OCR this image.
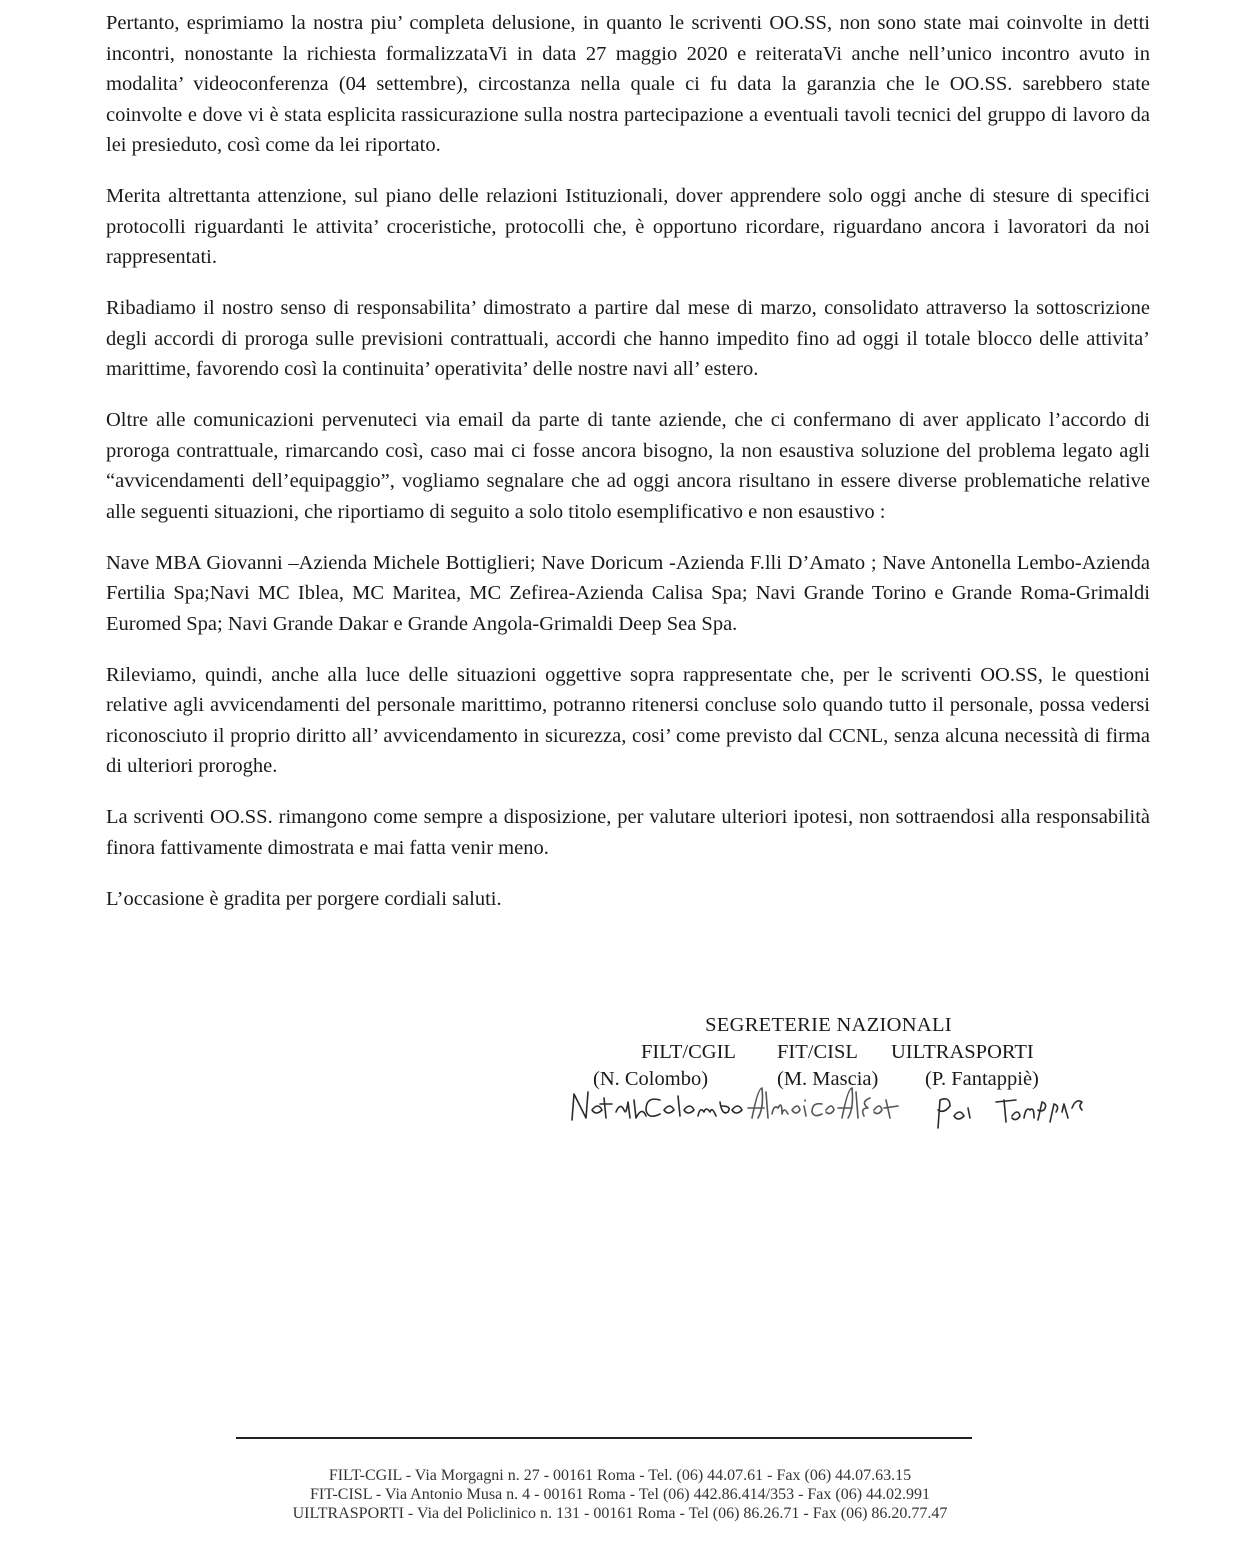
Pertanto, esprimiamo la nostra piu’ completa delusione, in quanto le scriventi OO.SS, non sono state mai coinvolte in detti incontri, nonostante la richiesta formalizzataVi in data 27 maggio 2020 e reiterataVi anche nell’unico incontro avuto in modalita’ videoconferenza (04 settembre), circostanza nella quale ci fu data la garanzia che le OO.SS. sarebbero state coinvolte e dove vi è stata esplicita rassicurazione sulla nostra partecipazione a eventuali tavoli tecnici del gruppo di lavoro da lei presieduto, così come da lei riportato.

Merita altrettanta attenzione, sul piano delle relazioni Istituzionali, dover apprendere solo oggi anche di stesure di specifici protocolli riguardanti le attivita’ croceristiche, protocolli che, è opportuno ricordare, riguardano ancora i lavoratori da noi rappresentati.

Ribadiamo il nostro senso di responsabilita’ dimostrato a partire dal mese di marzo, consolidato attraverso la sottoscrizione degli accordi di proroga sulle previsioni contrattuali, accordi che hanno impedito fino ad oggi il totale blocco delle attivita’ marittime, favorendo così la continuita’ operativita’ delle nostre navi all’ estero.

Oltre alle comunicazioni pervenuteci via email da parte di tante aziende, che ci confermano di aver applicato l’accordo di proroga contrattuale, rimarcando così, caso mai ci fosse ancora bisogno, la non esaustiva soluzione del problema legato agli “avvicendamenti dell’equipaggio”, vogliamo segnalare che ad oggi ancora risultano in essere diverse problematiche relative alle seguenti situazioni, che riportiamo di seguito a solo titolo esemplificativo e non esaustivo :

Nave MBA Giovanni –Azienda Michele Bottiglieri; Nave Doricum -Azienda F.lli D’Amato ; Nave Antonella Lembo-Azienda Fertilia Spa;Navi MC Iblea, MC Maritea, MC Zefirea-Azienda Calisa Spa; Navi Grande Torino e Grande Roma-Grimaldi Euromed Spa; Navi Grande Dakar e Grande Angola-Grimaldi Deep Sea Spa.

Rileviamo, quindi, anche alla luce delle situazioni oggettive sopra rappresentate che, per le scriventi OO.SS, le questioni relative agli avvicendamenti del personale marittimo, potranno ritenersi concluse solo quando tutto il personale, possa vedersi riconosciuto il proprio diritto all’ avvicendamento in sicurezza, cosi’ come previsto dal CCNL, senza alcuna necessità di firma di ulteriori proroghe.

La scriventi OO.SS. rimangono come sempre a disposizione, per valutare ulteriori ipotesi, non sottraendosi alla responsabilità finora fattivamente dimostrata e mai fatta venir meno.

L’occasione è gradita per porgere cordiali saluti.

SEGRETERIE NAZIONALI
FILT/CGIL FIT/CISL UILTRASPORTI
(N. Colombo)	(M. Mascia) (P. Fantappiè)
FILT-CGIL - Via Morgagni n. 27 - 00161 Roma - Tel. (06) 44.07.61 - Fax (06) 44.07.63.15
FIT-CISL - Via Antonio Musa n. 4 - 00161 Roma - Tel (06) 442.86.414/353 - Fax (06) 44.02.991
UILTRASPORTI - Via del Policlinico n. 131 - 00161 Roma - Tel (06) 86.26.71 - Fax (06) 86.20.77.47
